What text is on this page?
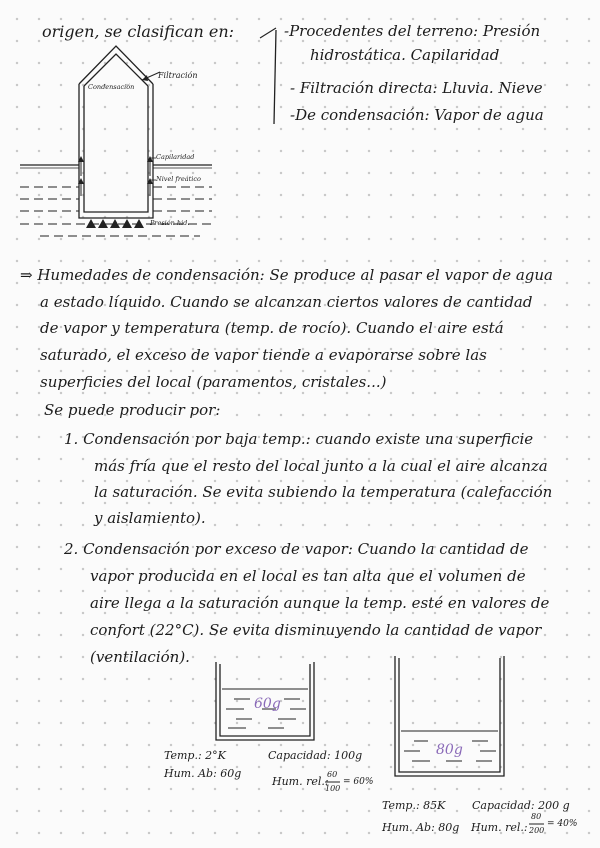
origen, se clasifican en:	-Procedentes del terreno: Presión
hidrostática. Capilaridad
- Filtración directa: Lluvia. Nieve
-De condensación: Vapor de agua
Filtración
Condensación
Capilaridad
Nivel freático
Presión hid.
⇒ Humedades de condensación: Se produce al pasar el vapor de agua
a estado líquido. Cuando se alcanzan ciertos valores de cantidad
de vapor y temperatura (temp. de rocío). Cuando el aire está
saturado, el exceso de vapor tiende a evaporarse sobre las
superficies del local (paramentos, cristales...)
Se puede producir por:
1. Condensación por baja temp.: cuando existe una superficie
más fría que el resto del local junto a la cual el aire alcanza
la saturación. Se evita subiendo la temperatura (calefacción
y aislamiento).
2. Condensación por exceso de vapor: Cuando la cantidad de
vapor producida en el local es tan alta que el volumen de
aire llega a la saturación aunque la temp. esté en valores de
confort (22°C). Se evita disminuyendo la cantidad de vapor
(ventilación).
60g
80g
Temp.: 2°K
Hum. Ab: 60g
Capacidad: 100g
Hum. rel.:
60
100
= 60%
Temp.: 85K
Hum. Ab: 80g
Capacidad: 200 g
Hum. rel.:
80
200
= 40%
